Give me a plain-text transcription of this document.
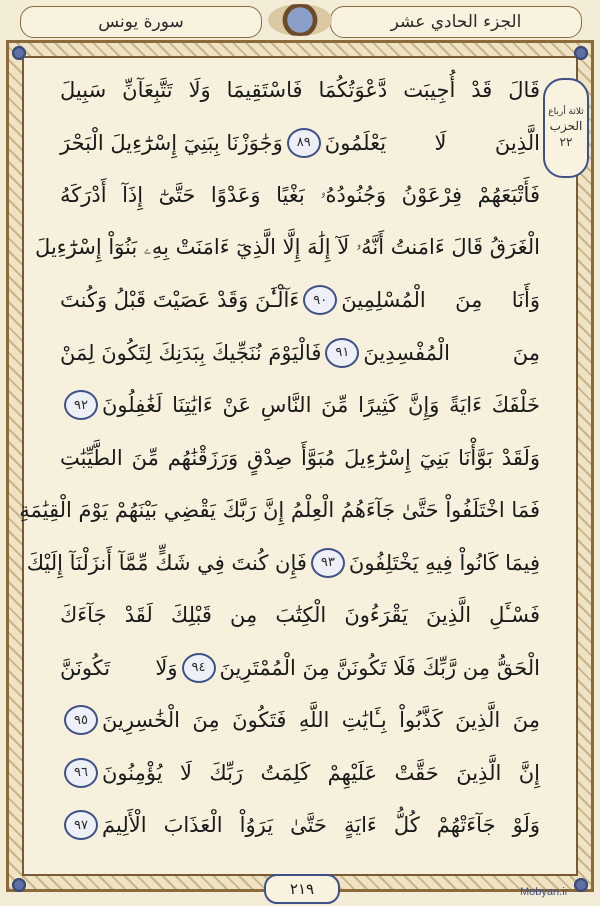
الجزء الحادي عشر
سورة يونس
ثلاثة أرباع
الحزب
٢٢
قَالَ قَدْ أُجِيبَت دَّعْوَتُكُمَا فَاسْتَقِيمَا وَلَا تَتَّبِعَآنِّ سَبِيلَ
الَّذِينَ لَا يَعْلَمُونَ
٨٩
وَجَٰوَزْنَا بِبَنِيٓ إِسْرَٰٓءِيلَ الْبَحْرَ
فَأَتْبَعَهُمْ فِرْعَوْنُ وَجُنُودُهُۥ بَغْيًا وَعَدْوًا حَتَّىٰٓ إِذَآ أَدْرَكَهُ
الْغَرَقُ قَالَ ءَامَنتُ أَنَّهُۥ لَآ إِلَٰهَ إِلَّا الَّذِيٓ ءَامَنَتْ بِهِۦ بَنُوٓاْ إِسْرَٰٓءِيلَ
وَأَنَا مِنَ الْمُسْلِمِينَ
٩٠
ءَآلْـَٰٔنَ وَقَدْ عَصَيْتَ قَبْلُ وَكُنتَ
مِنَ الْمُفْسِدِينَ
٩١
فَالْيَوْمَ نُنَجِّيكَ بِبَدَنِكَ لِتَكُونَ لِمَنْ
خَلْفَكَ ءَايَةً وَإِنَّ كَثِيرًا مِّنَ النَّاسِ عَنْ ءَايَٰتِنَا لَغَٰفِلُونَ
٩٢
وَلَقَدْ بَوَّأْنَا بَنِيٓ إِسْرَٰٓءِيلَ مُبَوَّأَ صِدْقٍ وَرَزَقْنَٰهُم مِّنَ الطَّيِّبَٰتِ
فَمَا اخْتَلَفُواْ حَتَّىٰ جَآءَهُمُ الْعِلْمُ إِنَّ رَبَّكَ يَقْضِي بَيْنَهُمْ يَوْمَ الْقِيَٰمَةِ
فِيمَا كَانُواْ فِيهِ يَخْتَلِفُونَ
٩٣
فَإِن كُنتَ فِي شَكٍّ مِّمَّآ أَنزَلْنَآ إِلَيْكَ
فَسْـَٔلِ الَّذِينَ يَقْرَءُونَ الْكِتَٰبَ مِن قَبْلِكَ لَقَدْ جَآءَكَ
الْحَقُّ مِن رَّبِّكَ فَلَا تَكُونَنَّ مِنَ الْمُمْتَرِينَ
٩٤
وَلَا تَكُونَنَّ
مِنَ الَّذِينَ كَذَّبُواْ بِـَٔايَٰتِ اللَّهِ فَتَكُونَ مِنَ الْخَٰسِرِينَ
٩٥
إِنَّ الَّذِينَ حَقَّتْ عَلَيْهِمْ كَلِمَتُ رَبِّكَ لَا يُؤْمِنُونَ
٩٦
وَلَوْ جَآءَتْهُمْ كُلُّ ءَايَةٍ حَتَّىٰ يَرَوُاْ الْعَذَابَ الْأَلِيمَ
٩٧
٢١٩	Mobyan.ir
